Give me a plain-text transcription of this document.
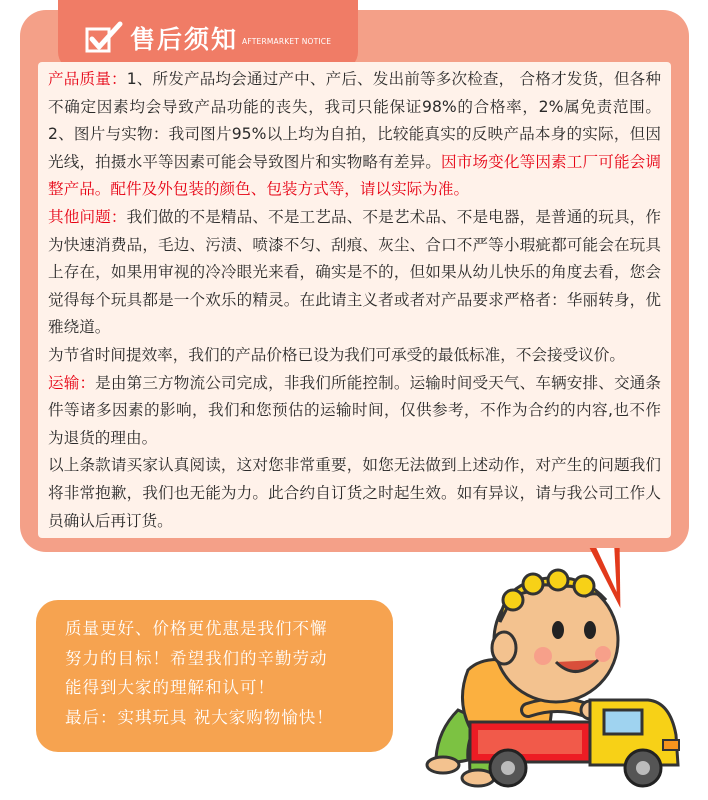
售后须知 AFTERMARKET NOTICE

产品质量：1、所发产品均会通过产中、产后、发出前等多次检查， 合格才发货，但各种不确定因素均会导致产品功能的丧失，我司只能保证98%的合格率，2%属免责范围。2、图片与实物：我司图片95%以上均为自拍，比较能真实的反映产品本身的实际，但因光线，拍摄水平等因素可能会导致图片和实物略有差异。因市场变化等因素工厂可能会调整产品。配件及外包装的颜色、包装方式等，请以实际为准。

其他问题：我们做的不是精品、不是工艺品、不是艺术品、不是电器，是普通的玩具，作为快速消费品，毛边、污渍、喷漆不匀、刮痕、灰尘、合口不严等小瑕疵都可能会在玩具上存在，如果用审视的冷冷眼光来看，确实是不的，但如果从幼儿快乐的角度去看，您会觉得每个玩具都是一个欢乐的精灵。在此请主义者或者对产品要求严格者：华丽转身，优雅绕道。

为节省时间提效率，我们的产品价格已设为我们可承受的最低标准，不会接受议价。

运输：是由第三方物流公司完成，非我们所能控制。运输时间受天气、车辆安排、交通条件等诸多因素的影响，我们和您预估的运输时间，仅供参考，不作为合约的内容,也不作为退货的理由。

以上条款请买家认真阅读，这对您非常重要，如您无法做到上述动作，对产生的问题我们将非常抱歉，我们也无能为力。此合约自订货之时起生效。如有异议，请与我公司工作人员确认后再订货。

质量更好、价格更优惠是我们不懈

努力的目标！希望我们的辛勤劳动

能得到大家的理解和认可！

最后：实琪玩具 祝大家购物愉快！
